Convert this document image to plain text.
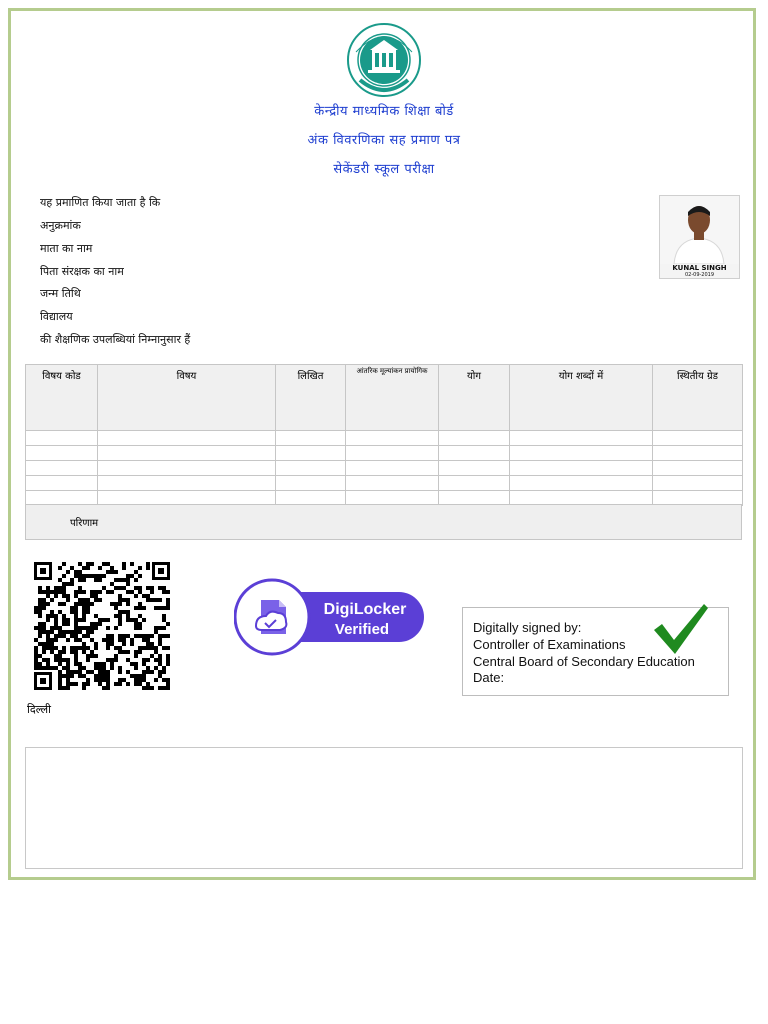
केन्द्रीय माध्यमिक शिक्षा बोर्ड
अंक विवरणिका सह प्रमाण पत्र
सेकेंडरी स्कूल परीक्षा
यह प्रमाणित किया जाता है कि
अनुक्रमांक
माता का नाम
पिता संरक्षक का नाम
जन्म तिथि
विद्यालय
की शैक्षणिक उपलब्धियां निम्नानुसार हैं
KUNAL SINGH
02-09-2019
विषय कोड	विषय	लिखित	आंतरिक मूल्यांकन प्रायोगिक	योग	योग शब्दों में	स्थितीय ग्रेड

परिणाम
दिल्ली
DigiLocker
Verified	Digitally signed by:
Controller of Examinations
Central Board of Secondary Education
Date:
